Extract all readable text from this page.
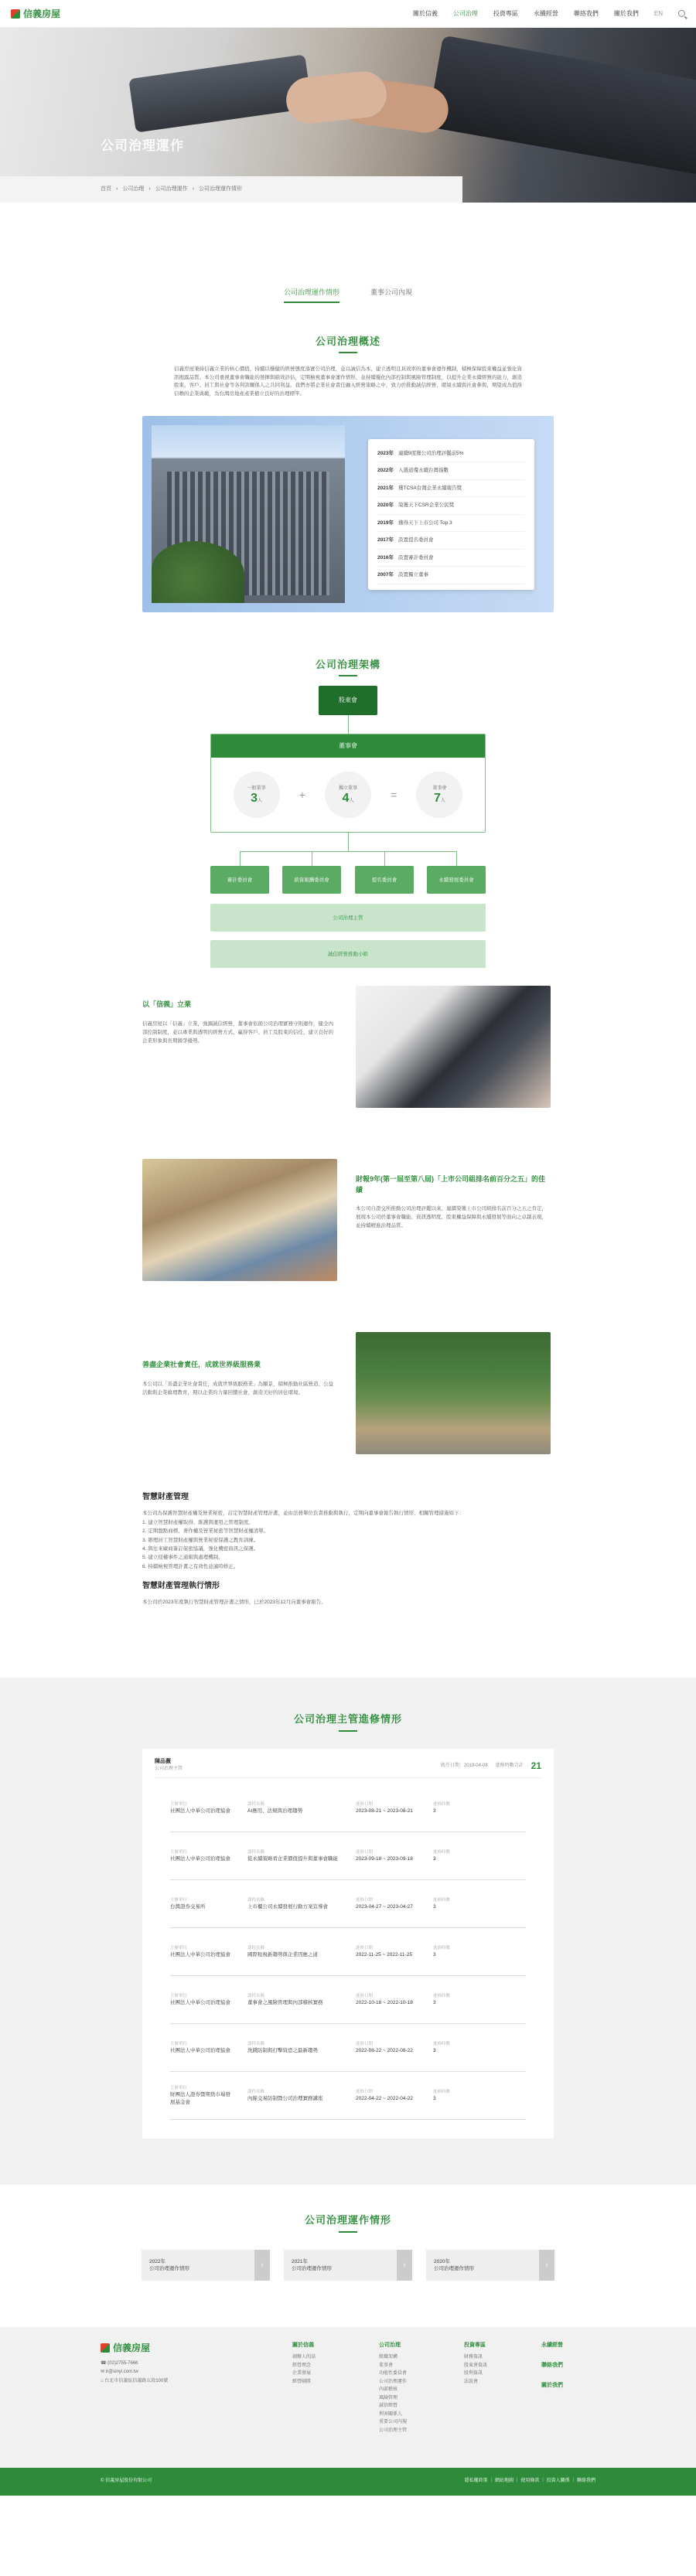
信義房屋	關於信義	公司治理	投資專區	永續經營	聯絡我們	關於我們	EN
公司治理運作
首頁 › 公司治理 › 公司治理運作 › 公司治理運作情形
公司治理運作情形	董事公司內規
公司治理概述

信義房屋秉持信義立業的核心價值，持續以穩健的經營態度落實公司治理，並以誠信為本，建立透明且具效率的董事會運作機制，積極保障股東權益並強化資訊揭露品質。本公司重視董事會職能的發揮與績效評估，定期檢視董事會運作情形，並持續優化內部控制與風險管理制度，以提升企業永續經營的能力，創造股東、客戶、員工與社會等各利害關係人之共同利益。我們亦將企業社會責任融入經營策略之中，致力於推動誠信經營、環境永續與社會參與，期望成為值得信賴的企業典範，為台灣房地產產業樹立良好的治理標竿。

2023年 連續9度獲公司治理評鑑前5%
2022年 入選道瓊永續台灣指數
2021年 獲TCSA台灣企業永續報告獎
2020年 榮獲天下CSR企業公民獎
2019年 獲得天下上市公司 Top 3
2017年 設置提名委員會
2016年 設置審計委員會
2007年 設置獨立董事
公司治理架構
股東會
董事會
一般董事
3人	+	獨立董事
4人	=	董事會
7人
審計委員會	薪資報酬委員會	提名委員會	永續發展委員會
公司治理主管
誠信經營推動小組
以「信義」立業

信義房屋以「信義」立業，強調誠信經營，董事會依循公司治理實務守則運作，健全內部控制制度，並以專業與透明的經營方式，贏得客戶、員工及股東的信任，建立良好的企業形象與長期競爭優勢。

財報9年(第一屆至第八屆)「上市公司組排名前百分之五」的佳績

本公司自證交所推動公司治理評鑑以來，連續榮獲上市公司組排名前百分之五之肯定，展現本公司於董事會職能、資訊透明度、股東權益保障與永續發展等面向之卓越表現，並持續精進治理品質。

善盡企業社會責任，成就世界級服務業

本公司以「善盡企業社會責任，成就世界級服務業」為願景，積極推動社區營造、公益活動與企業倫理教育，期以企業的力量回饋社會，創造美好的居住環境。

智慧財產管理

本公司為保護智慧財產權及營業秘密，訂定智慧財產管理計畫，並由法務單位負責推動與執行，定期向董事會報告執行情形，相關管理措施如下：

1. 建立智慧財產權取得、維護與運用之管理制度。
2. 定期盤點商標、著作權及營業秘密等智慧財產權清單。
3. 辦理員工智慧財產權與營業秘密保護之教育訓練。
4. 與往來廠商簽訂保密協議，強化機密資訊之保護。
5. 建立侵權事件之通報與處理機制。
6. 持續檢視管理計畫之有效性並適時修正。
智慧財產管理執行情形

本公司於2023年度執行智慧財產管理計畫之情形，已於2023年12月向董事會報告。

公司治理主管進修情形
陳品薇
公司治理主管
就任日期：2019-04-08 進修時數合計 21
主辦單位
社團法人中華公司治理協會
課程名稱
AI應用、法規與治理趨勢
進修日期
2023-08-21 ~ 2023-08-21
進修時數
3
主辦單位
社團法人中華公司治理協會
課程名稱
從永續策略看企業價值提升與董事會職能
進修日期
2023-09-18 ~ 2023-09-18
進修時數
3
主辦單位
台灣證券交易所
課程名稱
上市櫃公司永續發展行動方案宣導會
進修日期
2023-04-27 ~ 2023-04-27
進修時數
3
主辦單位
社團法人中華公司治理協會
課程名稱
國際租稅新趨勢與企業因應之道
進修日期
2022-11-25 ~ 2022-11-25
進修時數
3
主辦單位
社團法人中華公司治理協會
課程名稱
董事會之風險管理與內部稽核實務
進修日期
2022-10-18 ~ 2022-10-18
進修時數
3
主辦單位
社團法人中華公司治理協會
課程名稱
洗錢防制與打擊資恐之最新趨勢
進修日期
2022-08-22 ~ 2022-08-22
進修時數
3
主辦單位
財團法人證券暨期貨市場發展基金會
課程名稱
內線交易防制暨公司治理實務講座
進修日期
2022-04-22 ~ 2022-04-22
進修時數
3
公司治理運作情形
2022年
公司治理運作情形
›	2021年
公司治理運作情形
›	2020年
公司治理運作情形
›
信義房屋
☎ (02)2755-7666
✉ ir@sinyi.com.tw
⌂ 台北市信義區信義路五段100號
關於信義
創辦人的話
經營理念
企業發展
經營團隊
公司治理
組織架構
董事會
功能性委員會
公司治理運作
內部稽核
風險管理
誠信經營
利害關係人
重要公司內規
公司治理主管
投資專區
財務資訊
股東會資訊
股利資訊
法說會
永續經營
聯絡我們
關於我們
© 信義房屋股份有限公司	隱私權政策 ｜ 網站地圖 ｜ 使用條款 ｜ 投資人關係 ｜ 聯絡我們
